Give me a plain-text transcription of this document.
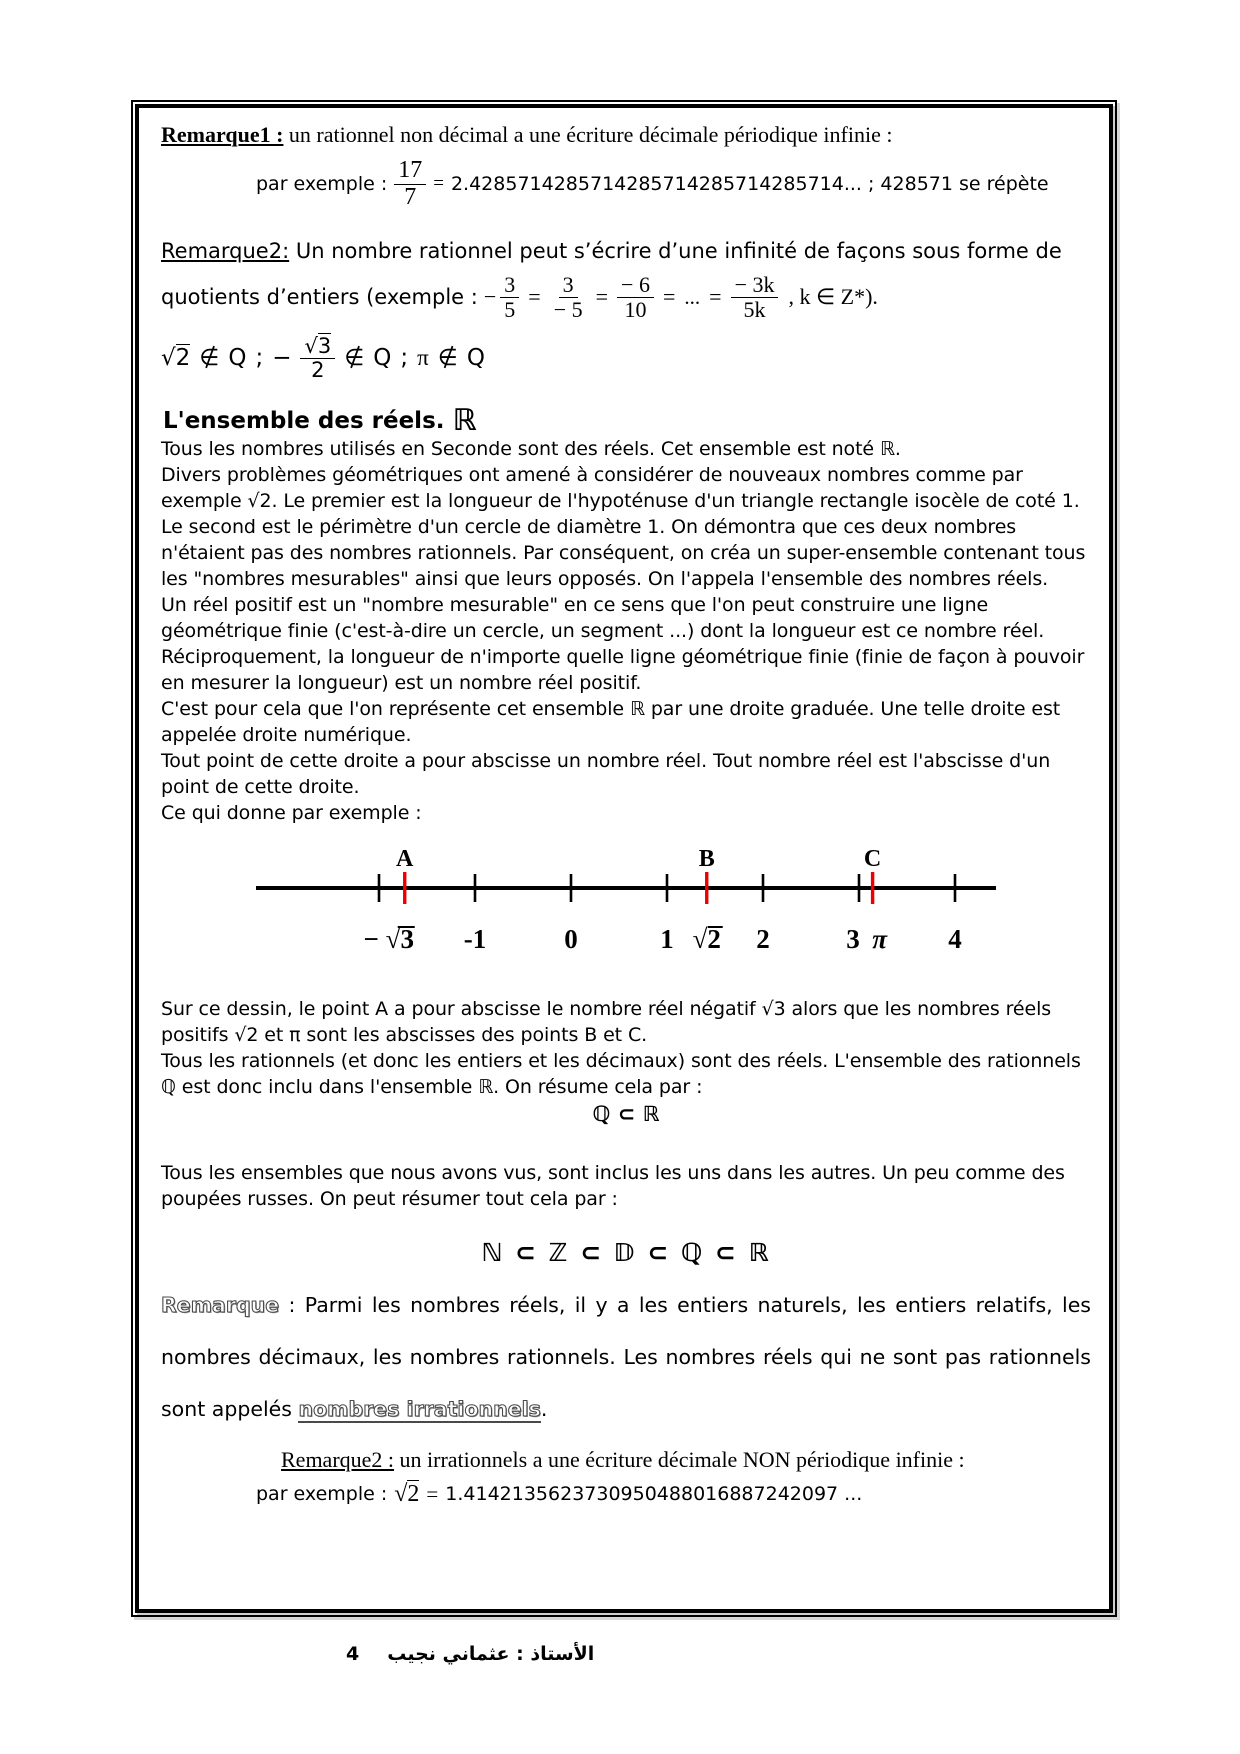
Remarque1 : un rationnel non décimal a une écriture décimale périodique infinie :

par exemple : $\frac{17}{7} = 2.4285714285714285714285714285714$... ; 428571 se répète

Remarque2: Un nombre rationnel peut s’écrire d’une infinité de façons sous forme de

quotients d’entiers (exemple : − $\frac{3}{5} = \frac{3}{- 5} = \frac{- 6}{10}$ = ... = $\frac{- 3k}{5k}$ , k ∈ Z*).
√2 ∉ Q ; − $\frac{√3}{2}$ ∉ Q ; π ∉ Q
L'ensemble des réels. ℝ

Tous les nombres utilisés en Seconde sont des réels. Cet ensemble est noté ℝ.

Divers problèmes géométriques ont amené à considérer de nouveaux nombres comme par exemple √2. Le premier est la longueur de l'hypoténuse d'un triangle rectangle isocèle de coté 1. Le second est le périmètre d'un cercle de diamètre 1. On démontra que ces deux nombres n'étaient pas des nombres rationnels. Par conséquent, on créa un super-ensemble contenant tous les "nombres mesurables" ainsi que leurs opposés. On l'appela l'ensemble des nombres réels.

Un réel positif est un "nombre mesurable" en ce sens que l'on peut construire une ligne géométrique finie (c'est-à-dire un cercle, un segment ...) dont la longueur est ce nombre réel.

Réciproquement, la longueur de n'importe quelle ligne géométrique finie (finie de façon à pouvoir en mesurer la longueur) est un nombre réel positif.

C'est pour cela que l'on représente cet ensemble ℝ par une droite graduée. Une telle droite est appelée droite numérique.

Tout point de cette droite a pour abscisse un nombre réel. Tout nombre réel est l'abscisse d'un point de cette droite.

Ce qui donne par exemple :

A	B	C
− √3 -1	0	1 √2 2	3 π 4

Sur ce dessin, le point A a pour abscisse le nombre réel négatif √3 alors que les nombres réels positifs √2 et π sont les abscisses des points B et C.

Tous les rationnels (et donc les entiers et les décimaux) sont des réels. L'ensemble des rationnels ℚ est donc inclu dans l'ensemble ℝ. On résume cela par :

ℚ ⊂ ℝ

Tous les ensembles que nous avons vus, sont inclus les uns dans les autres. Un peu comme des poupées russes. On peut résumer tout cela par :

ℕ ⊂ ℤ ⊂ 𝔻 ⊂ ℚ ⊂ ℝ

Remarque : Parmi les nombres réels, il y a les entiers naturels, les entiers relatifs, les nombres décimaux, les nombres rationnels. Les nombres réels qui ne sont pas rationnels sont appelés nombres irrationnels.

Remarque2 : un irrationnels a une écriture décimale NON périodique infinie :

par exemple : √2 = 1.4142135623730950488016887242097 ...
4 الأستاذ : عثماني نجيب
